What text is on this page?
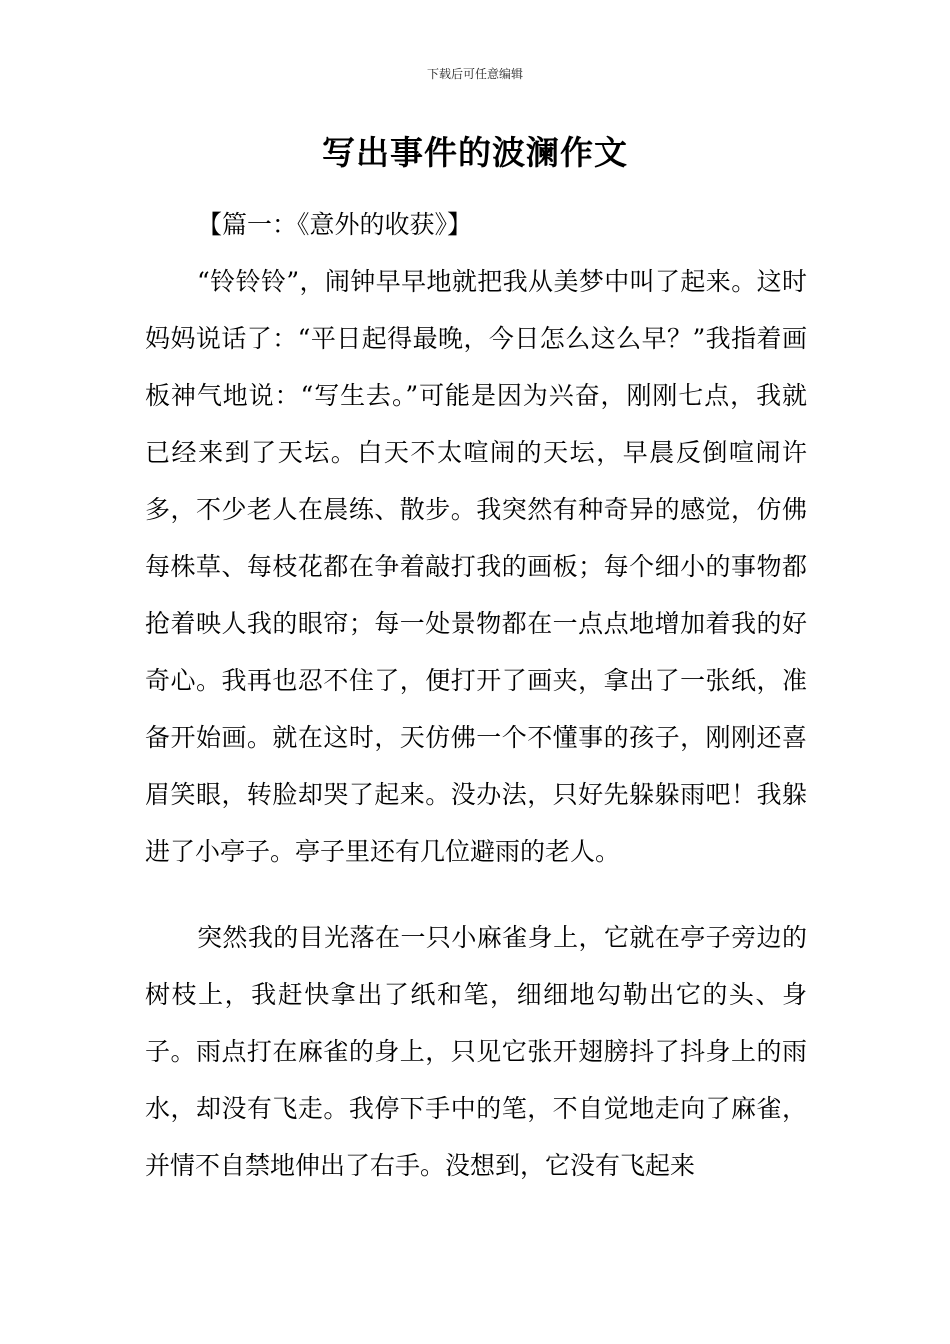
下载后可任意编辑
写出事件的波澜作文

【篇一：《意外的收获》】

“铃铃铃”，闹钟早早地就把我从美梦中叫了起来。这时妈妈说话了：“平日起得最晚，今日怎么这么早？”我指着画板神气地说：“写生去。”可能是因为兴奋，刚刚七点，我就已经来到了天坛。白天不太喧闹的天坛，早晨反倒喧闹许多，不少老人在晨练、散步。我突然有种奇异的感觉，仿佛每株草、每枝花都在争着敲打我的画板；每个细小的事物都抢着映人我的眼帘；每一处景物都在一点点地增加着我的好奇心。我再也忍不住了，便打开了画夹，拿出了一张纸，准备开始画。就在这时，天仿佛一个不懂事的孩子，刚刚还喜眉笑眼，转脸却哭了起来。没办法，只好先躲躲雨吧！我躲进了小亭子。亭子里还有几位避雨的老人。

突然我的目光落在一只小麻雀身上，它就在亭子旁边的树枝上，我赶快拿出了纸和笔，细细地勾勒出它的头、身子。雨点打在麻雀的身上，只见它张开翅膀抖了抖身上的雨水，却没有飞走。我停下手中的笔，不自觉地走向了麻雀，并情不自禁地伸出了右手。没想到，它没有飞起来
